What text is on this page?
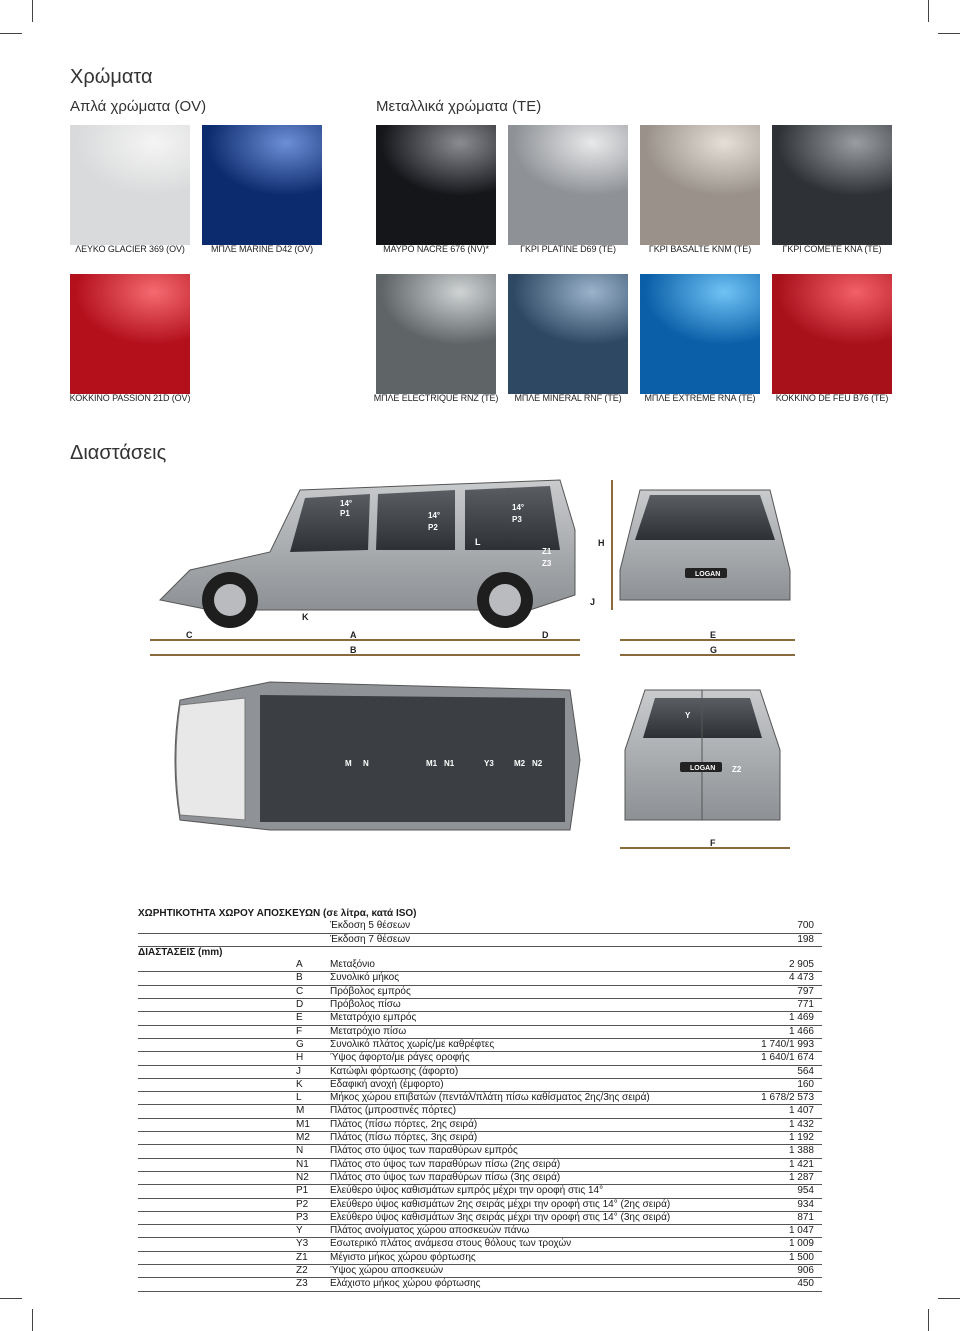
Χρώματα
Απλά χρώματα (OV)	Μεταλλικά χρώματα (TE)
ΛΕΥΚΟ GLACIER 369 (OV)	ΜΠΛΕ MARINE D42 (OV)	ΜΑΥΡΟ NACRÉ 676 (NV)*	ΓΚΡΙ PLATINE D69 (TE)	ΓΚΡΙ BASALTE KNM (TE)	ΓΚΡΙ COMETE KNA (TE)
ΚΟΚΚΙΝΟ PASSION 21D (OV)	ΜΠΛΕ ELECTRIQUE RNZ (TE)	ΜΠΛΕ MINÉRAL RNF (TE)	ΜΠΛΕ EXTREME RNA (TE)	ΚΟΚΚΙΝΟ DE FEU B76 (TE)
Διαστάσεις
C	A
B
D
K
J
L
P1
P2
P3
14°
14°
14°
Z1
Z3
LOGAN
H
E
G
M N	M1 N1	Y3	M2 N2
LOGAN
F
Y
Z2
ΧΩΡΗΤΙΚΟΤΗΤΑ ΧΩΡΟΥ ΑΠΟΣΚΕΥΩΝ (σε λίτρα, κατά ISO)
Έκδοση 5 θέσεων	700
Έκδοση 7 θέσεων	198
ΔΙΑΣΤΑΣΕΙΣ (mm)
A	Μεταξόνιο	2 905
B	Συνολικό μήκος	4 473
C	Πρόβολος εμπρός	797
D	Πρόβολος πίσω	771
E	Μετατρόχιο εμπρός	1 469
F	Μετατρόχιο πίσω	1 466
G	Συνολικό πλάτος χωρίς/με καθρέφτες	1 740/1 993
H	Ύψος άφορτο/με ράγες οροφής	1 640/1 674
J	Κατώφλι φόρτωσης (άφορτο)	564
K	Εδαφική ανοχή (έμφορτο)	160
L	Μήκος χώρου επιβατών (πεντάλ/πλάτη πίσω καθίσματος 2ης/3ης σειρά)	1 678/2 573
M	Πλάτος (μπροστινές πόρτες)	1 407
M1 Πλάτος (πίσω πόρτες, 2ης σειρά)	1 432
M2 Πλάτος (πίσω πόρτες, 3ης σειρά)	1 192
N	Πλάτος στο ύψος των παραθύρων εμπρός	1 388
N1 Πλάτος στο ύψος των παραθύρων πίσω (2ης σειρά)	1 421
N2 Πλάτος στο ύψος των παραθύρων πίσω (3ης σειρά)	1 287
P1 Ελεύθερο ύψος καθισμάτων εμπρός μέχρι την οροφή στις 14°	954
P2 Ελεύθερο ύψος καθισμάτων 2ης σειράς μέχρι την οροφή στις 14° (2ης σειρά)	934
P3 Ελεύθερο ύψος καθισμάτων 3ης σειράς μέχρι την οροφή στις 14° (3ης σειρά)	871
Y	Πλάτος ανοίγματος χώρου αποσκευών πάνω	1 047
Y3 Εσωτερικό πλάτος ανάμεσα στους θόλους των τροχών	1 009
Z1 Μέγιστο μήκος χώρου φόρτωσης	1 500
Z2 Ύψος χώρου αποσκευών	906
Z3 Ελάχιστο μήκος χώρου φόρτωσης	450
